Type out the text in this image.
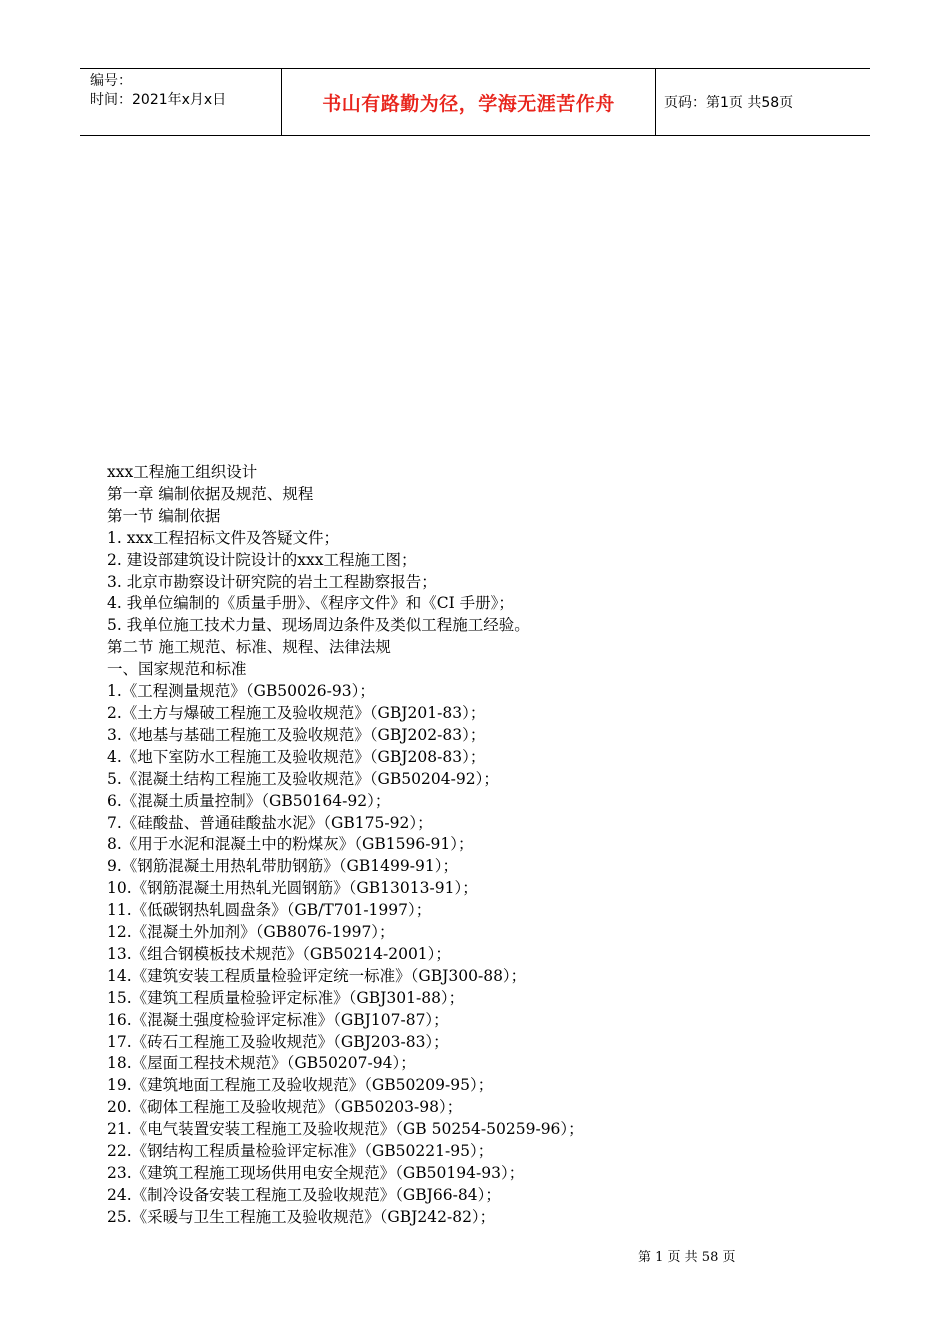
编号：
时间：2021年x月x日	书山有路勤为径，学海无涯苦作舟	页码：第1页 共58页
xxx工程施工组织设计
第一章 编制依据及规范、规程
第一节 编制依据
1. xxx工程招标文件及答疑文件；
2. 建设部建筑设计院设计的xxx工程施工图；
3. 北京市勘察设计研究院的岩土工程勘察报告；
4. 我单位编制的《质量手册》、《程序文件》和《CI 手册》；
5. 我单位施工技术力量、现场周边条件及类似工程施工经验。
第二节 施工规范、标准、规程、法律法规
一、国家规范和标准
1.《工程测量规范》（GB50026-93）；
2.《土方与爆破工程施工及验收规范》（GBJ201-83）；
3.《地基与基础工程施工及验收规范》（GBJ202-83）；
4.《地下室防水工程施工及验收规范》（GBJ208-83）；
5.《混凝土结构工程施工及验收规范》（GB50204-92）；
6.《混凝土质量控制》（GB50164-92）；
7.《硅酸盐、普通硅酸盐水泥》（GB175-92）；
8.《用于水泥和混凝土中的粉煤灰》（GB1596-91）；
9.《钢筋混凝土用热轧带肋钢筋》（GB1499-91）；
10.《钢筋混凝土用热轧光圆钢筋》（GB13013-91）；
11.《低碳钢热轧圆盘条》（GB/T701-1997）；
12.《混凝土外加剂》（GB8076-1997）；
13.《组合钢模板技术规范》（GB50214-2001）；
14.《建筑安装工程质量检验评定统一标准》（GBJ300-88）；
15.《建筑工程质量检验评定标准》（GBJ301-88）；
16.《混凝土强度检验评定标准》（GBJ107-87）；
17.《砖石工程施工及验收规范》（GBJ203-83）；
18.《屋面工程技术规范》（GB50207-94）；
19.《建筑地面工程施工及验收规范》（GB50209-95）；
20.《砌体工程施工及验收规范》（GB50203-98）；
21.《电气装置安装工程施工及验收规范》（GB 50254-50259-96）；
22.《钢结构工程质量检验评定标准》（GB50221-95）；
23.《建筑工程施工现场供用电安全规范》（GB50194-93）；
24.《制冷设备安装工程施工及验收规范》（GBJ66-84）；
25.《采暖与卫生工程施工及验收规范》（GBJ242-82）；
第 1 页 共 58 页
